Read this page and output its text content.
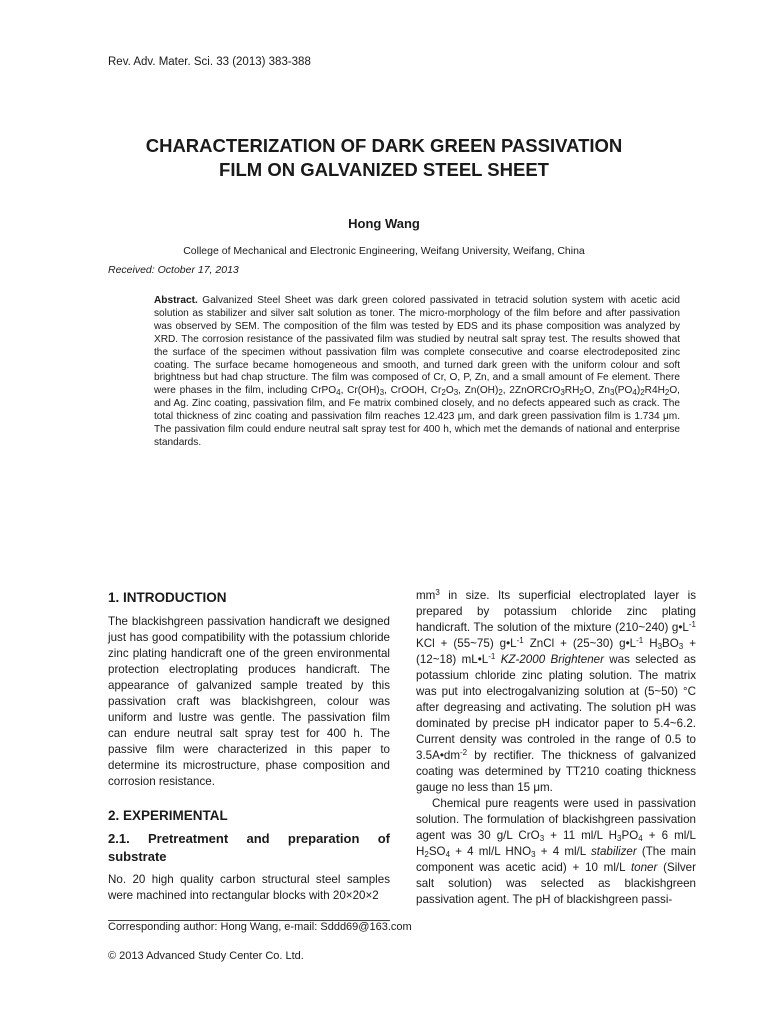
Rev. Adv. Mater. Sci. 33 (2013) 383-388
CHARACTERIZATION OF DARK GREEN PASSIVATION
FILM ON GALVANIZED STEEL SHEET
Hong Wang
College of Mechanical and Electronic Engineering, Weifang University, Weifang, China
Received: October 17, 2013
Abstract. Galvanized Steel Sheet was dark green colored passivated in tetracid solution system with acetic acid solution as stabilizer and silver salt solution as toner. The micro-morphology of the film before and after passivation was observed by SEM. The composition of the film was tested by EDS and its phase composition was analyzed by XRD. The corrosion resistance of the passivated film was studied by neutral salt spray test. The results showed that the surface of the specimen without passivation film was complete consecutive and coarse electrodeposited zinc coating. The surface became homogeneous and smooth, and turned dark green with the uniform colour and soft brightness but had chap structure. The film was composed of Cr, O, P, Zn, and a small amount of Fe element. There were phases in the film, including CrPO$_4$, $Cr(OH)_3$, CrOOH, $Cr_2O_3$, $Zn(OH)_2$, $2ZnORCrO_3RH_2O$, $Zn_3(PO_4)_2R4H_2O$, and Ag. Zinc coating, passivation film, and Fe matrix combined closely, and no defects appeared such as crack. The total thickness of zinc coating and passivation film reaches 12.423 μm, and dark green passivation film is 1.734 μm. The passivation film could endure neutral salt spray test for 400 h, which met the demands of national and enterprise standards.
1. INTRODUCTION

The blackishgreen passivation handicraft we designed just has good compatibility with the potassium chloride zinc plating handicraft one of the green environmental protection electroplating produces handicraft. The appearance of galvanized sample treated by this passivation craft was blackishgreen, colour was uniform and lustre was gentle. The passivation film can endure neutral salt spray test for 400 h. The passive film were characterized in this paper to determine its microstructure, phase composition and corrosion resistance.

2. EXPERIMENTAL
2.1. Pretreatment and preparation of substrate

No. 20 high quality carbon structural steel samples were machined into rectangular blocks with 20×20×2

$mm^3$ in size. Its superficial electroplated layer is prepared by potassium chloride zinc plating handicraft. The solution of the mixture (210~240) $g•L^{-1}$ KCl + (55~75) $g•L^{-1}$ ZnCl + (25~30) $g•L^{-1}$ $H_3BO_3$ + (12~18) $mL•L^{-1}$ KZ-2000 Brightener was selected as potassium chloride zinc plating solution. The matrix was put into electrogalvanizing solution at (5~50) °C after degreasing and activating. The solution pH was dominated by precise pH indicator paper to 5.4~6.2. Current density was controled in the range of 0.5 to $3.5A•dm^{-2}$ by rectifier. The thickness of galvanized coating was determined by TT210 coating thickness gauge no less than 15 μm.

Chemical pure reagents were used in passivation solution. The formulation of blackishgreen passivation agent was 30 g/L CrO$_3$ + 11 ml/L $H_3PO_4 + 6$ ml/L $H_2SO_4 + 4$ ml/L $HNO_3 + 4$ ml/L stabilizer (The main component was acetic acid) + 10 ml/L toner (Silver salt solution) was selected as blackishgreen passivation agent. The pH of blackishgreen passi-

Corresponding author: Hong Wang, e-mail: Sddd69@163.com
© 2013 Advanced Study Center Co. Ltd.
